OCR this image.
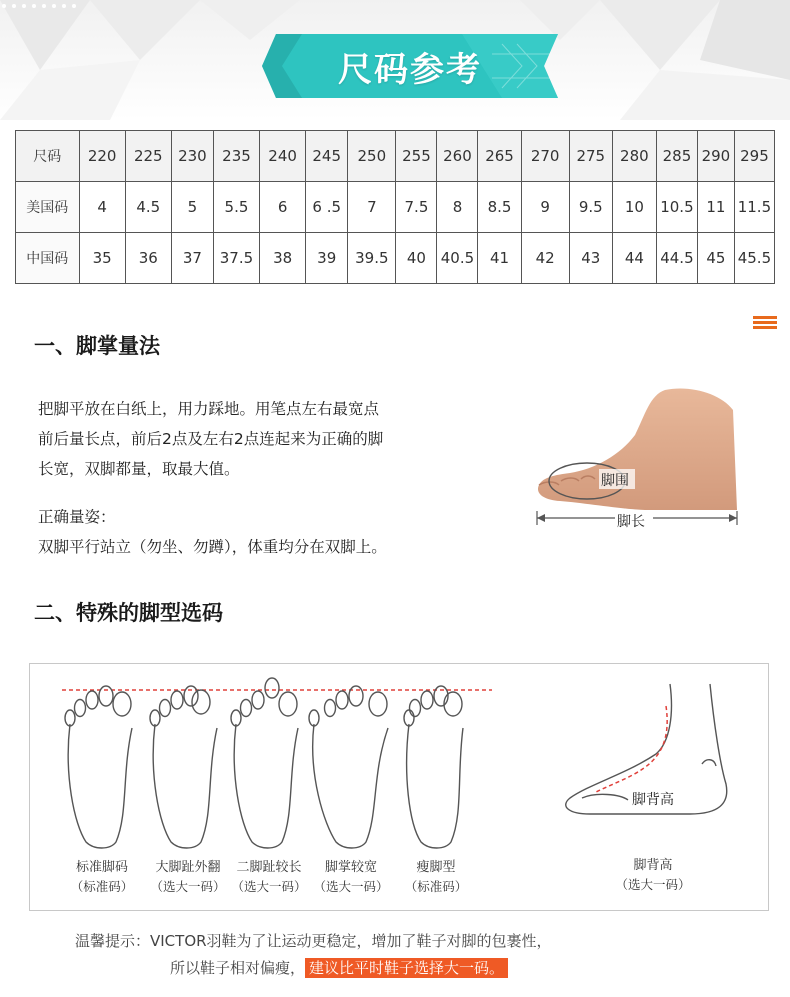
尺码参考
尺码	220	225	230	235	240	245	250	255	260	265	270	275	280	285	290	295
美国码	4	4.5	5	5.5	6	6 .5	7	7.5	8	8.5	9	9.5	10	10.5	11	11.5
中国码	35	36	37	37.5	38	39	39.5	40	40.5	41	42	43	44	44.5	45	45.5
一、脚掌量法
把脚平放在白纸上，用力踩地。用笔点左右最宽点
前后量长点，前后2点及左右2点连起来为正确的脚
长宽，双脚都量，取最大值。
正确量姿：
双脚平行站立（勿坐、勿蹲），体重均分在双脚上。
脚围
脚长
二、特殊的脚型选码
脚背高
标准脚码
（标准码）
大脚趾外翻
（选大一码）
二脚趾较长
（选大一码）
脚掌较宽
（选大一码）
瘦脚型
（标准码）
脚背高
（选大一码）
温馨提示：VICTOR羽鞋为了让运动更稳定，增加了鞋子对脚的包裹性，
所以鞋子相对偏瘦， 建议比平时鞋子选择大一码。
